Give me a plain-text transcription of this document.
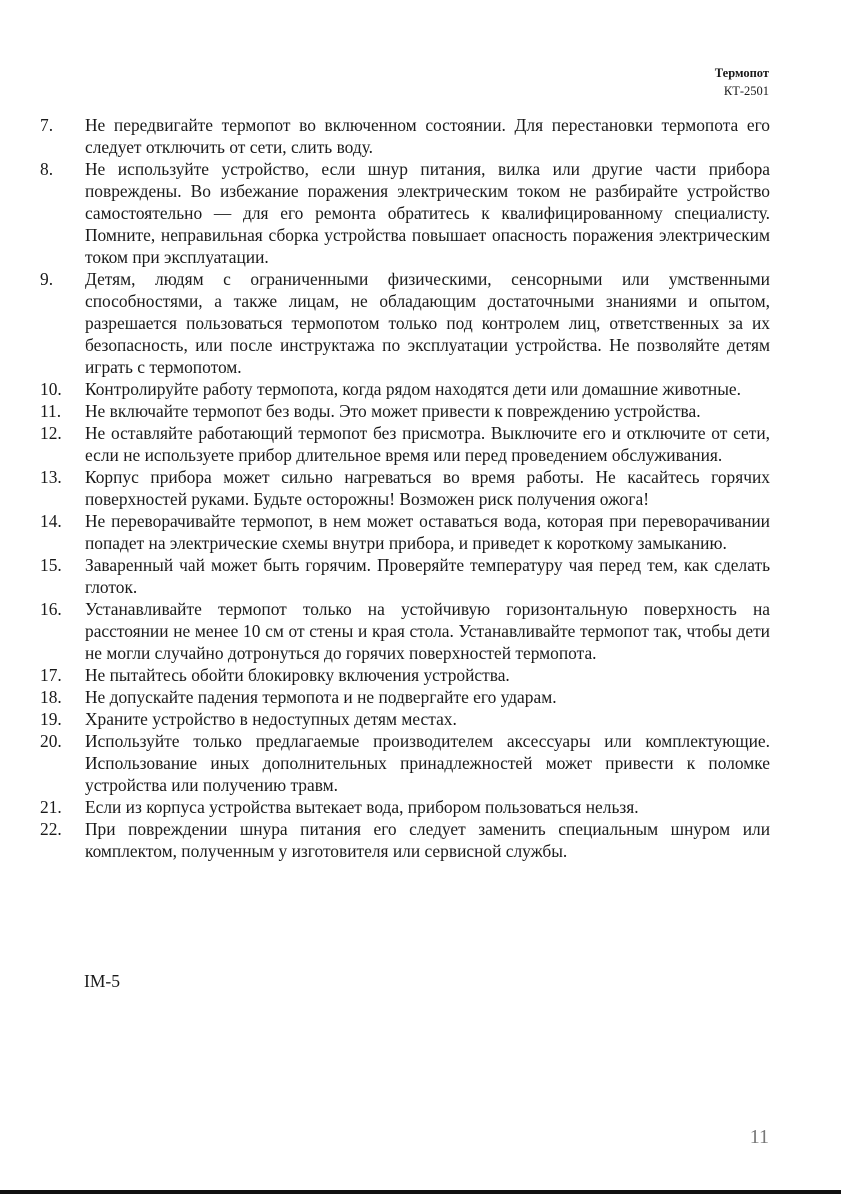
Термопот
КТ-2501
7.	Не передвигайте термопот во включенном состоянии. Для перестановки термопота его следует отключить от сети, слить воду.
8.	Не используйте устройство, если шнур питания, вилка или другие части прибора повреждены. Во избежание поражения электрическим током не разбирайте устройство самостоятельно — для его ремонта обратитесь к квалифицированному специалисту. Помните, неправильная сборка устройства повышает опасность поражения электрическим током при эксплуатации.
9.	Детям, людям с ограниченными физическими, сенсорными или умственными способностями, а также лицам, не обладающим достаточными знаниями и опытом, разрешается пользоваться термопотом только под контролем лиц, ответственных за их безопасность, или после инструктажа по эксплуатации устройства. Не позволяйте детям играть с термопотом.
10.	Контролируйте работу термопота, когда рядом находятся дети или домашние животные.
11.	Не включайте термопот без воды. Это может привести к повреждению устройства.
12.	Не оставляйте работающий термопот без присмотра. Выключите его и отключите от сети, если не используете прибор длительное время или перед проведением обслуживания.
13.	Корпус прибора может сильно нагреваться во время работы. Не касайтесь горячих поверхностей руками. Будьте осторожны! Возможен риск получения ожога!
14.	Не переворачивайте термопот, в нем может оставаться вода, которая при переворачивании попадет на электрические схемы внутри прибора, и приведет к короткому замыканию.
15.	Заваренный чай может быть горячим. Проверяйте температуру чая перед тем, как сделать глоток.
16.	Устанавливайте термопот только на устойчивую горизонтальную поверхность на расстоянии не менее 10 см от стены и края стола. Устанавливайте термопот так, чтобы дети не могли случайно дотронуться до горячих поверхностей термопота.
17.	Не пытайтесь обойти блокировку включения устройства.
18.	Не допускайте падения термопота и не подвергайте его ударам.
19.	Храните устройство в недоступных детям местах.
20.	Используйте только предлагаемые производителем аксессуары или комплектующие. Использование иных дополнительных принадлежностей может привести к поломке устройства или получению травм.
21.	Если из корпуса устройства вытекает вода, прибором пользоваться нельзя.
22.	При повреждении шнура питания его следует заменить специальным шнуром или комплектом, полученным у изготовителя или сервисной службы.
IM-5
11
